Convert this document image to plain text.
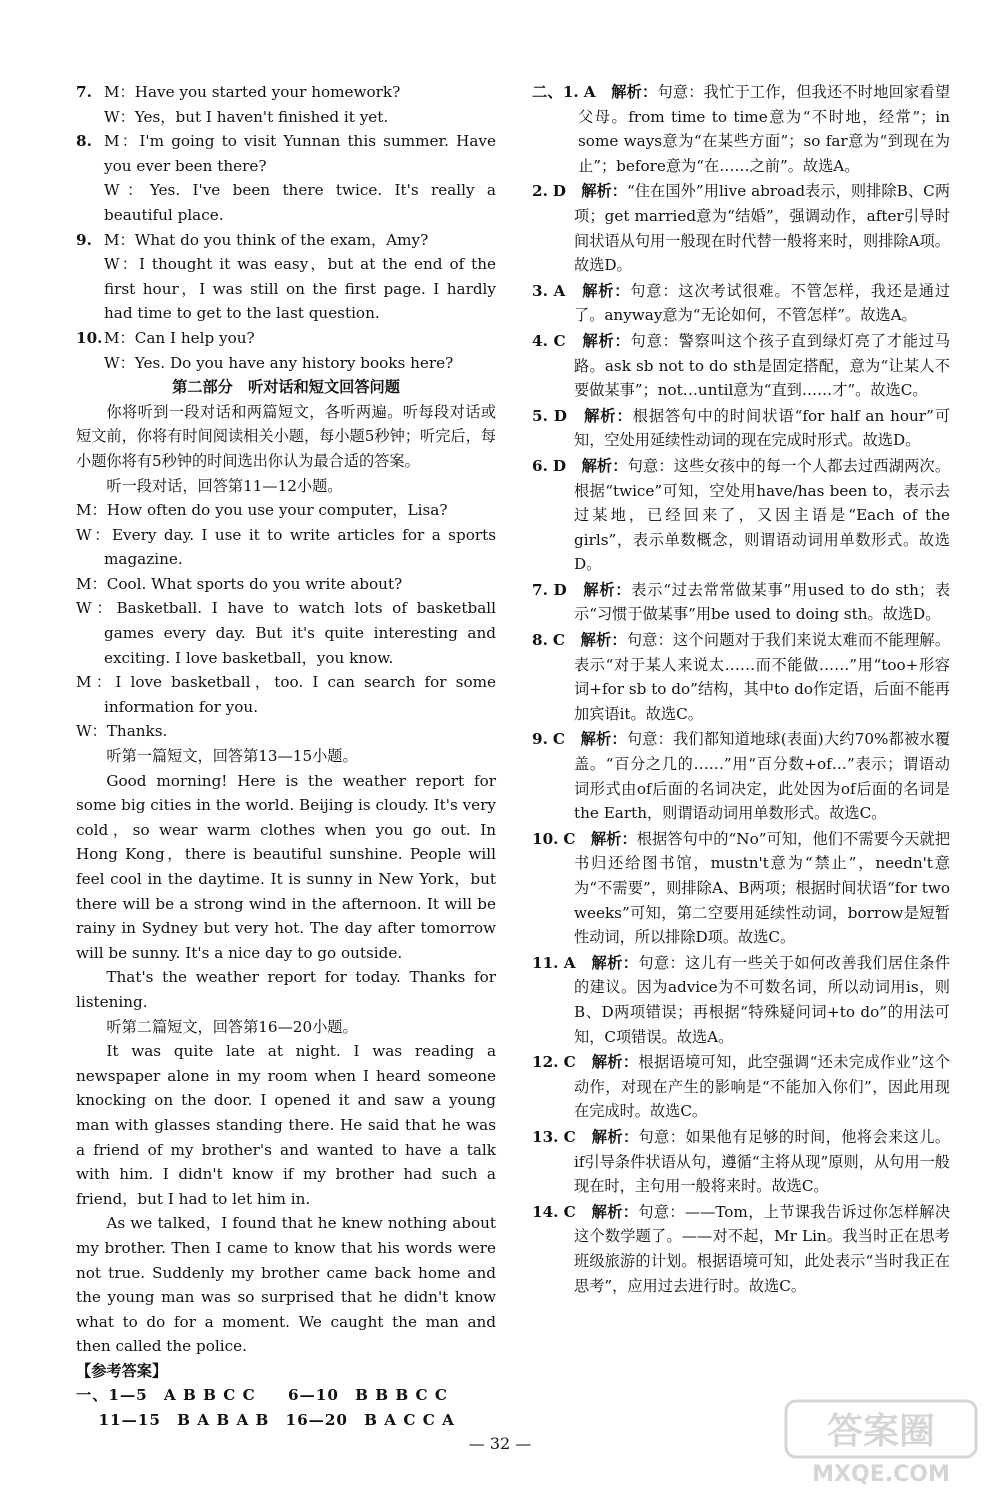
7. M：Have you started your homework?

W：Yes，but I haven't finished it yet.

8. M：I'm going to visit Yunnan this summer. Have you ever been there?

W：Yes. I've been there twice. It's really a beautiful place.

9. M：What do you think of the exam，Amy?

W：I thought it was easy，but at the end of the first hour，I was still on the first page. I hardly had time to get to the last question.

10. M：Can I help you?

W：Yes. Do you have any history books here?

第二部分　听对话和短文回答问题

你将听到一段对话和两篇短文，各听两遍。听每段对话或短文前，你将有时间阅读相关小题，每小题5秒钟；听完后，每小题你将有5秒钟的时间选出你认为最合适的答案。

听一段对话，回答第11—12小题。

M：How often do you use your computer，Lisa?

W：Every day. I use it to write articles for a sports magazine.

M：Cool. What sports do you write about?

W：Basketball. I have to watch lots of basketball games every day. But it's quite interesting and exciting. I love basketball，you know.

M：I love basketball，too. I can search for some information for you.

W：Thanks.

听第一篇短文，回答第13—15小题。

Good morning! Here is the weather report for some big cities in the world. Beijing is cloudy. It's very cold，so wear warm clothes when you go out. In Hong Kong，there is beautiful sunshine. People will feel cool in the daytime. It is sunny in New York，but there will be a strong wind in the afternoon. It will be rainy in Sydney but very hot. The day after tomorrow will be sunny. It's a nice day to go outside.

That's the weather report for today. Thanks for listening.

听第二篇短文，回答第16—20小题。

It was quite late at night. I was reading a newspaper alone in my room when I heard someone knocking on the door. I opened it and saw a young man with glasses standing there. He said that he was a friend of my brother's and wanted to have a talk with him. I didn't know if my brother had such a friend，but I had to let him in.

As we talked，I found that he knew nothing about my brother. Then I came to know that his words were not true. Suddenly my brother came back home and the young man was so surprised that he didn't know what to do for a moment. We caught the man and then called the police.

【参考答案】

一、1—5　A B B C C　　6—10　B B B C C

　 11—15　B A B A B　16—20　B A C C A

二、1. A　 解析：句意：我忙于工作，但我还不时地回家看望父母。from time to time意为“不时地，经常”；in some ways意为“在某些方面”；so far意为“到现在为止”；before意为“在……之前”。故选A。

2. D　 解析：“住在国外”用live abroad表示，则排除B、C两项；get married意为“结婚”，强调动作，after引导时间状语从句用一般现在时代替一般将来时，则排除A项。故选D。

3. A　 解析：句意：这次考试很难。不管怎样，我还是通过了。anyway意为“无论如何，不管怎样”。故选A。

4. C　 解析：句意：警察叫这个孩子直到绿灯亮了才能过马路。ask sb not to do sth是固定搭配，意为“让某人不要做某事”；not…until意为“直到……才”。故选C。

5. D　 解析：根据答句中的时间状语“for half an hour”可知，空处用延续性动词的现在完成时形式。故选D。

6. D　 解析：句意：这些女孩中的每一个人都去过西湖两次。根据“twice”可知，空处用have/has been to，表示去过某地，已经回来了，又因主语是“Each of the girls”，表示单数概念，则谓语动词用单数形式。故选D。

7. D　 解析：表示“过去常常做某事”用used to do sth；表示“习惯于做某事”用be used to doing sth。故选D。

8. C　 解析：句意：这个问题对于我们来说太难而不能理解。表示“对于某人来说太……而不能做……”用“too+形容词+for sb to do”结构，其中to do作定语，后面不能再加宾语it。故选C。

9. C　 解析：句意：我们都知道地球(表面)大约70%都被水覆盖。“百分之几的……”用“百分数+of…”表示；谓语动词形式由of后面的名词决定，此处因为of后面的名词是the Earth，则谓语动词用单数形式。故选C。

10. C　 解析：根据答句中的“No”可知，他们不需要今天就把书归还给图书馆，mustn't意为“禁止”，needn't意为“不需要”，则排除A、B两项；根据时间状语“for two weeks”可知，第二空要用延续性动词，borrow是短暂性动词，所以排除D项。故选C。

11. A　 解析：句意：这儿有一些关于如何改善我们居住条件的建议。因为advice为不可数名词，所以动词用is，则B、D两项错误；再根据“特殊疑问词+to do”的用法可知，C项错误。故选A。

12. C　 解析：根据语境可知，此空强调“还未完成作业”这个动作，对现在产生的影响是“不能加入你们”，因此用现在完成时。故选C。

13. C　 解析：句意：如果他有足够的时间，他将会来这儿。if引导条件状语从句，遵循“主将从现”原则，从句用一般现在时，主句用一般将来时。故选C。

14. C　 解析：句意：——Tom，上节课我告诉过你怎样解决这个数学题了。——对不起，Mr Lin。我当时正在思考班级旅游的计划。根据语境可知，此处表示“当时我正在思考”，应用过去进行时。故选C。

— 32 —	答案圈
MXQE.COM
